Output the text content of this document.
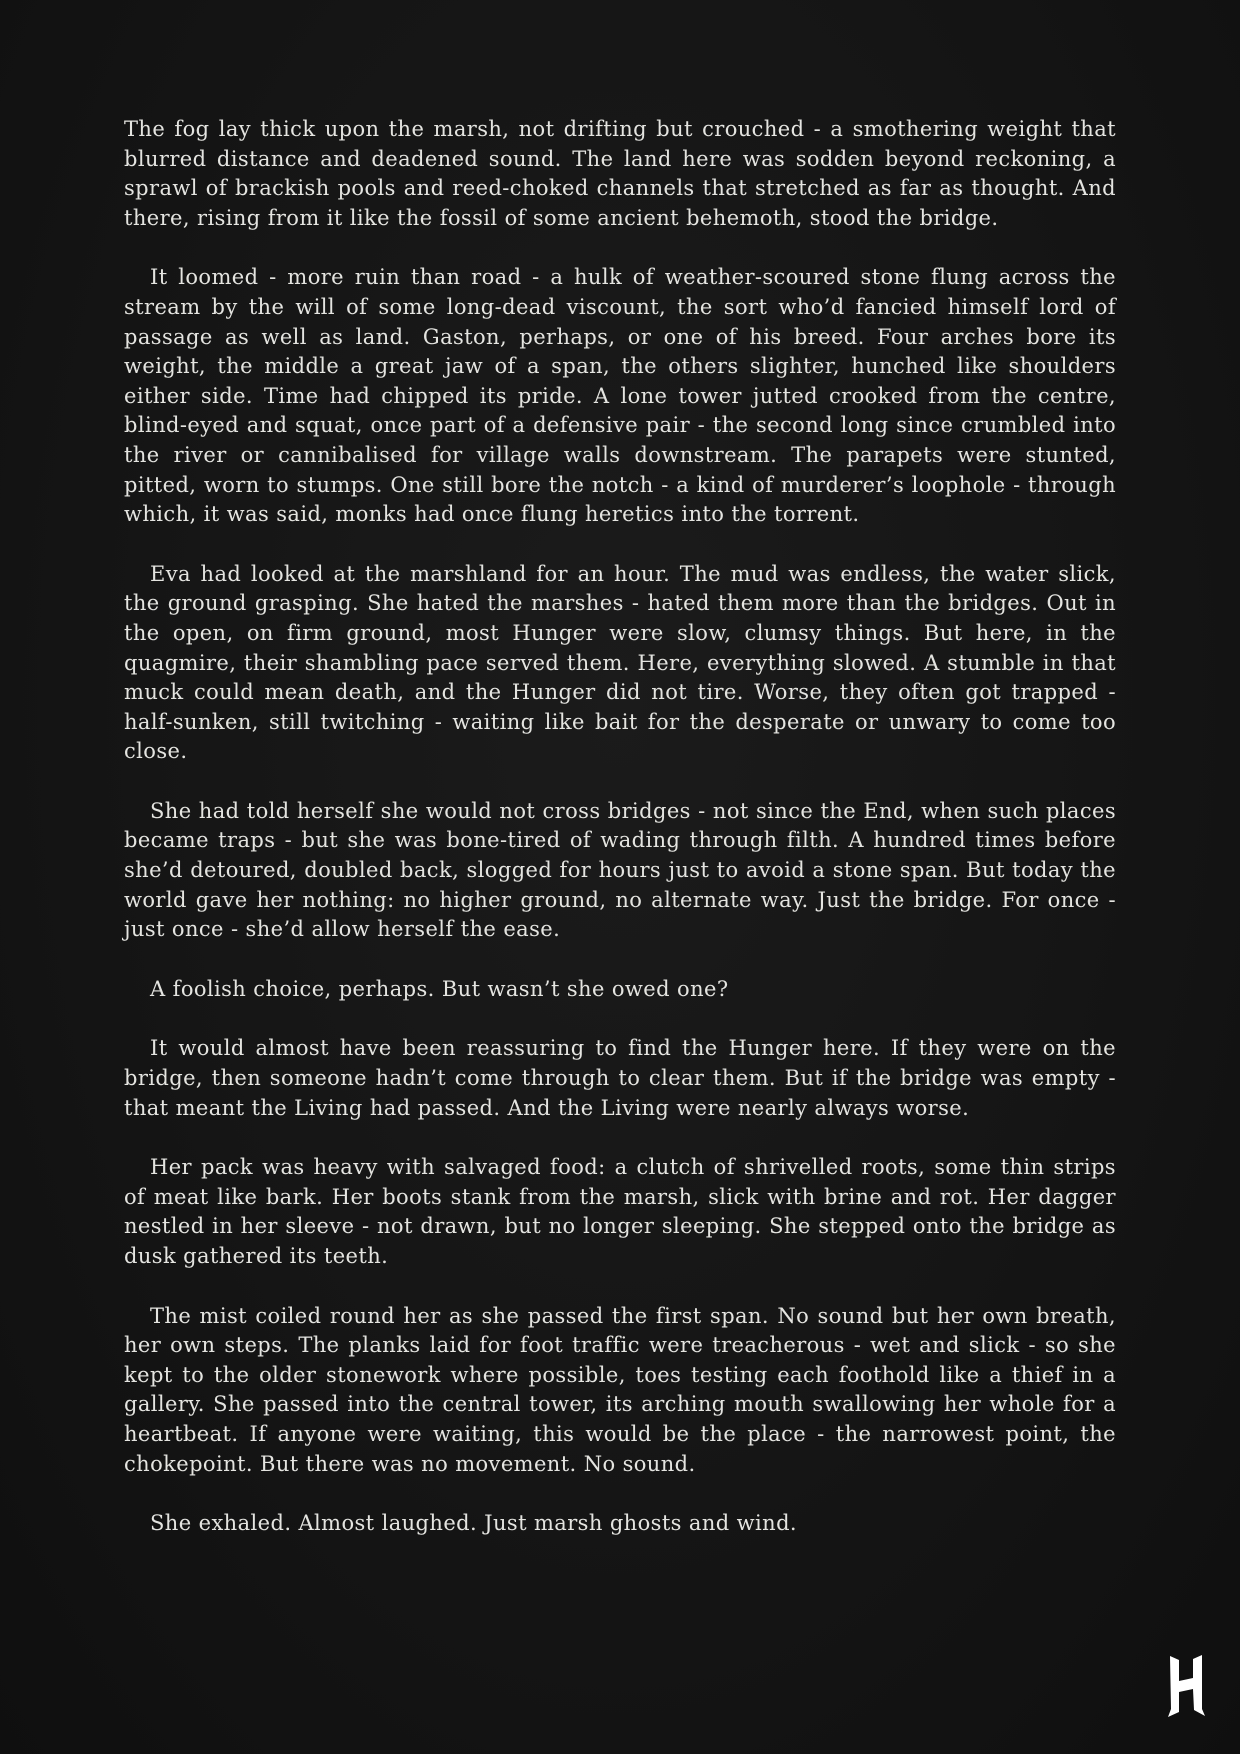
The fog lay thick upon the marsh, not drifting but crouched - a smothering weight that blurred distance and deadened sound. The land here was sodden beyond reckoning, a sprawl of brackish pools and reed-choked channels that stretched as far as thought. And there, rising from it like the fossil of some ancient behemoth, stood the bridge.

It loomed - more ruin than road - a hulk of weather-scoured stone flung across the stream by the will of some long-dead viscount, the sort who’d fancied himself lord of passage as well as land. Gaston, perhaps, or one of his breed. Four arches bore its weight, the middle a great jaw of a span, the others slighter, hunched like shoulders either side. Time had chipped its pride. A lone tower jutted crooked from the centre, blind-eyed and squat, once part of a defensive pair - the second long since crumbled into the river or cannibalised for village walls downstream. The parapets were stunted, pitted, worn to stumps. One still bore the notch - a kind of murderer’s loophole - through which, it was said, monks had once flung heretics into the torrent.

Eva had looked at the marshland for an hour. The mud was endless, the water slick, the ground grasping. She hated the marshes - hated them more than the bridges. Out in the open, on firm ground, most Hunger were slow, clumsy things. But here, in the quagmire, their shambling pace served them. Here, everything slowed. A stumble in that muck could mean death, and the Hunger did not tire. Worse, they often got trapped - half-sunken, still twitching - waiting like bait for the desperate or unwary to come too close.

She had told herself she would not cross bridges - not since the End, when such places became traps - but she was bone-tired of wading through filth. A hundred times before she’d detoured, doubled back, slogged for hours just to avoid a stone span. But today the world gave her nothing: no higher ground, no alternate way. Just the bridge. For once - just once - she’d allow herself the ease.

A foolish choice, perhaps. But wasn’t she owed one?

It would almost have been reassuring to find the Hunger here. If they were on the bridge, then someone hadn’t come through to clear them. But if the bridge was empty - that meant the Living had passed. And the Living were nearly always worse.

Her pack was heavy with salvaged food: a clutch of shrivelled roots, some thin strips of meat like bark. Her boots stank from the marsh, slick with brine and rot. Her dagger nestled in her sleeve - not drawn, but no longer sleeping. She stepped onto the bridge as dusk gathered its teeth.

The mist coiled round her as she passed the first span. No sound but her own breath, her own steps. The planks laid for foot traffic were treacherous - wet and slick - so she kept to the older stonework where possible, toes testing each foothold like a thief in a gallery. She passed into the central tower, its arching mouth swallowing her whole for a heartbeat. If anyone were waiting, this would be the place - the narrowest point, the chokepoint. But there was no movement. No sound.

She exhaled. Almost laughed. Just marsh ghosts and wind.
